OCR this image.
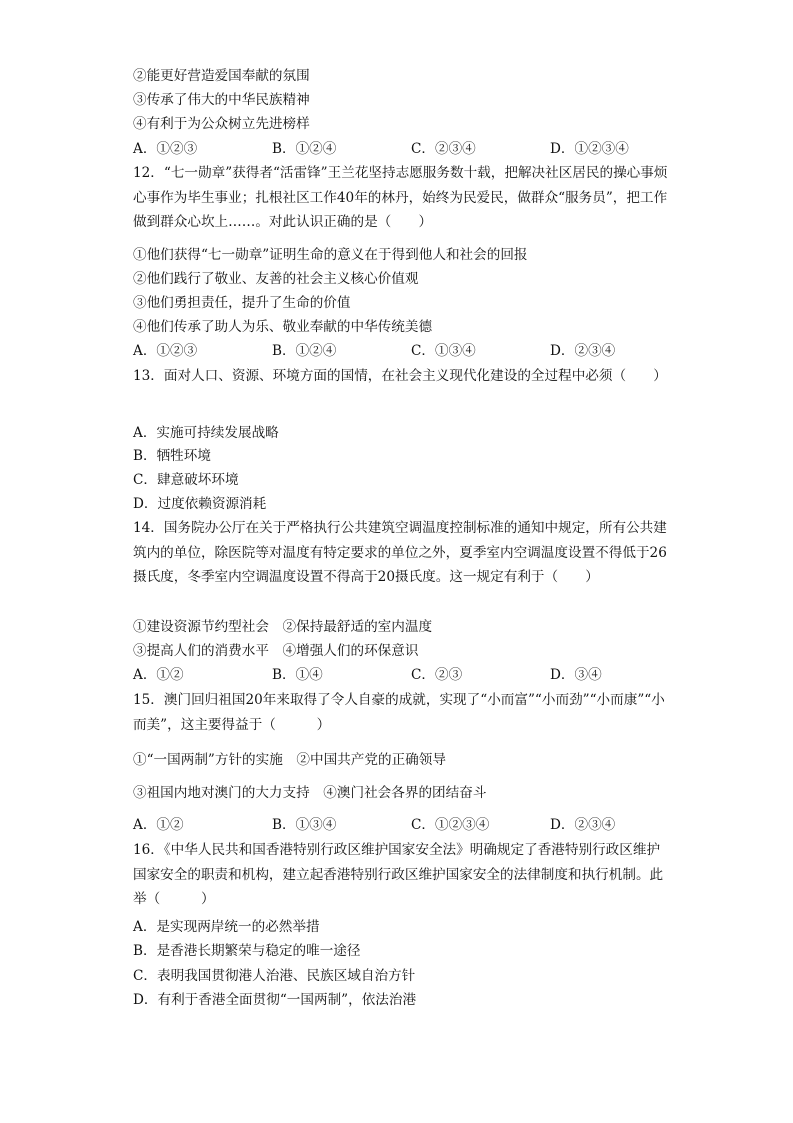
②能更好营造爱国奉献的氛围
③传承了伟大的中华民族精神
④有利于为公众树立先进榜样
A．①②③	B．①②④	C．②③④	D．①②③④
12．“七一勋章”获得者“活雷锋”王兰花坚持志愿服务数十载，把解决社区居民的操心事烦心事作为毕生事业；扎根社区工作40年的林丹，始终为民爱民，做群众“服务员”，把工作做到群众心坎上……。对此认识正确的是（　　）
①他们获得“七一勋章”证明生命的意义在于得到他人和社会的回报
②他们践行了敬业、友善的社会主义核心价值观
③他们勇担责任，提升了生命的价值
④他们传承了助人为乐、敬业奉献的中华传统美德
A．①②③	B．①②④	C．①③④	D．②③④
13．面对人口、资源、环境方面的国情，在社会主义现代化建设的全过程中必须（　　）
A．实施可持续发展战略
B．牺牲环境
C．肆意破坏环境
D．过度依赖资源消耗
14．国务院办公厅在关于严格执行公共建筑空调温度控制标准的通知中规定，所有公共建筑内的单位，除医院等对温度有特定要求的单位之外，夏季室内空调温度设置不得低于26摄氏度，冬季室内空调温度设置不得高于20摄氏度。这一规定有利于（　　）
①建设资源节约型社会　②保持最舒适的室内温度
③提高人们的消费水平　④增强人们的环保意识
A．①②	B．①④	C．②③	D．③④
15．澳门回归祖国20年来取得了令人自豪的成就，实现了“小而富”“小而劲”“小而康”“小而美”，这主要得益于（　　　）
①“一国两制”方针的实施　②中国共产党的正确领导
③祖国内地对澳门的大力支持　④澳门社会各界的团结奋斗
A．①②	B．①③④	C．①②③④	D．②③④
16．《中华人民共和国香港特别行政区维护国家安全法》明确规定了香港特别行政区维护国家安全的职责和机构，建立起香港特别行政区维护国家安全的法律制度和执行机制。此举（　　　）
A．是实现两岸统一的必然举措
B．是香港长期繁荣与稳定的唯一途径
C．表明我国贯彻港人治港、民族区域自治方针
D．有利于香港全面贯彻“一国两制”，依法治港
